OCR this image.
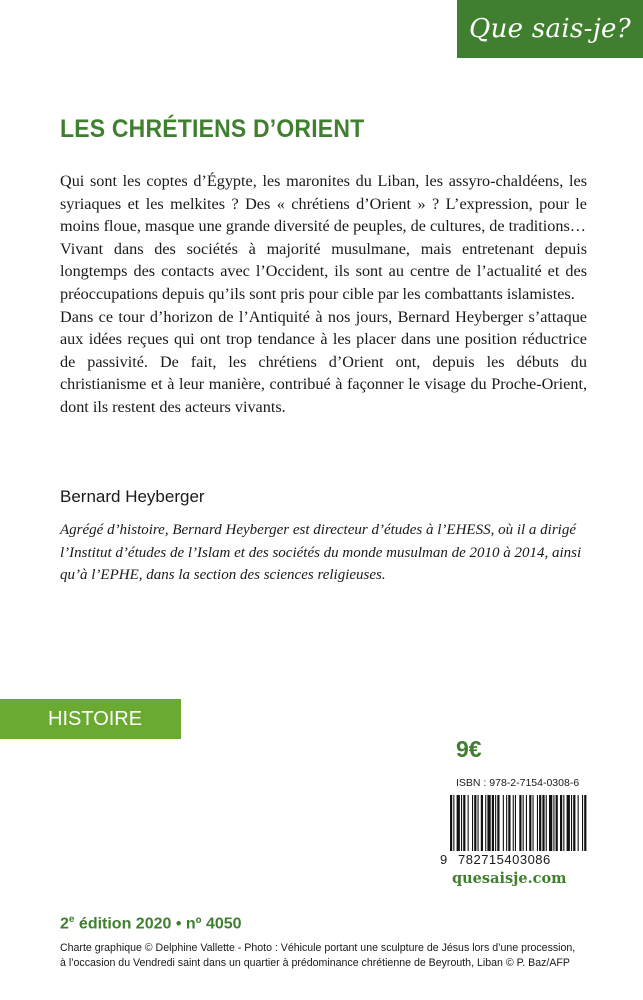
Que sais-je?
LES CHRÉTIENS D’ORIENT

Qui sont les coptes d’Égypte, les maronites du Liban, les assyro-chaldéens, les syriaques et les melkites ? Des « chrétiens d’Orient » ? L’expression, pour le moins floue, masque une grande diversité de peuples, de cultures, de traditions…

Vivant dans des sociétés à majorité musulmane, mais entretenant depuis longtemps des contacts avec l’Occident, ils sont au centre de l’actualité et des préoccupations depuis qu’ils sont pris pour cible par les combattants islamistes.

Dans ce tour d’horizon de l’Antiquité à nos jours, Bernard Heyberger s’attaque aux idées reçues qui ont trop tendance à les placer dans une position réductrice de passivité. De fait, les chrétiens d’Orient ont, depuis les débuts du christianisme et à leur manière, contribué à façonner le visage du Proche-Orient, dont ils restent des acteurs vivants.

Bernard Heyberger
Agrégé d’histoire, Bernard Heyberger est directeur d’études à l’EHESS, où il a dirigé l’Institut d’études de l’Islam et des sociétés du monde musulman de 2010 à 2014, ainsi qu’à l’EPHE, dans la section des sciences religieuses.
HISTOIRE
9€
ISBN : 978-2-7154-0308-6
9 782715403086
quesaisje.com
2e édition 2020 • nº 4050
Charte graphique © Delphine Vallette - Photo : Véhicule portant une sculpture de Jésus lors d’une procession,
à l’occasion du Vendredi saint dans un quartier à prédominance chrétienne de Beyrouth, Liban © P. Baz/AFP
